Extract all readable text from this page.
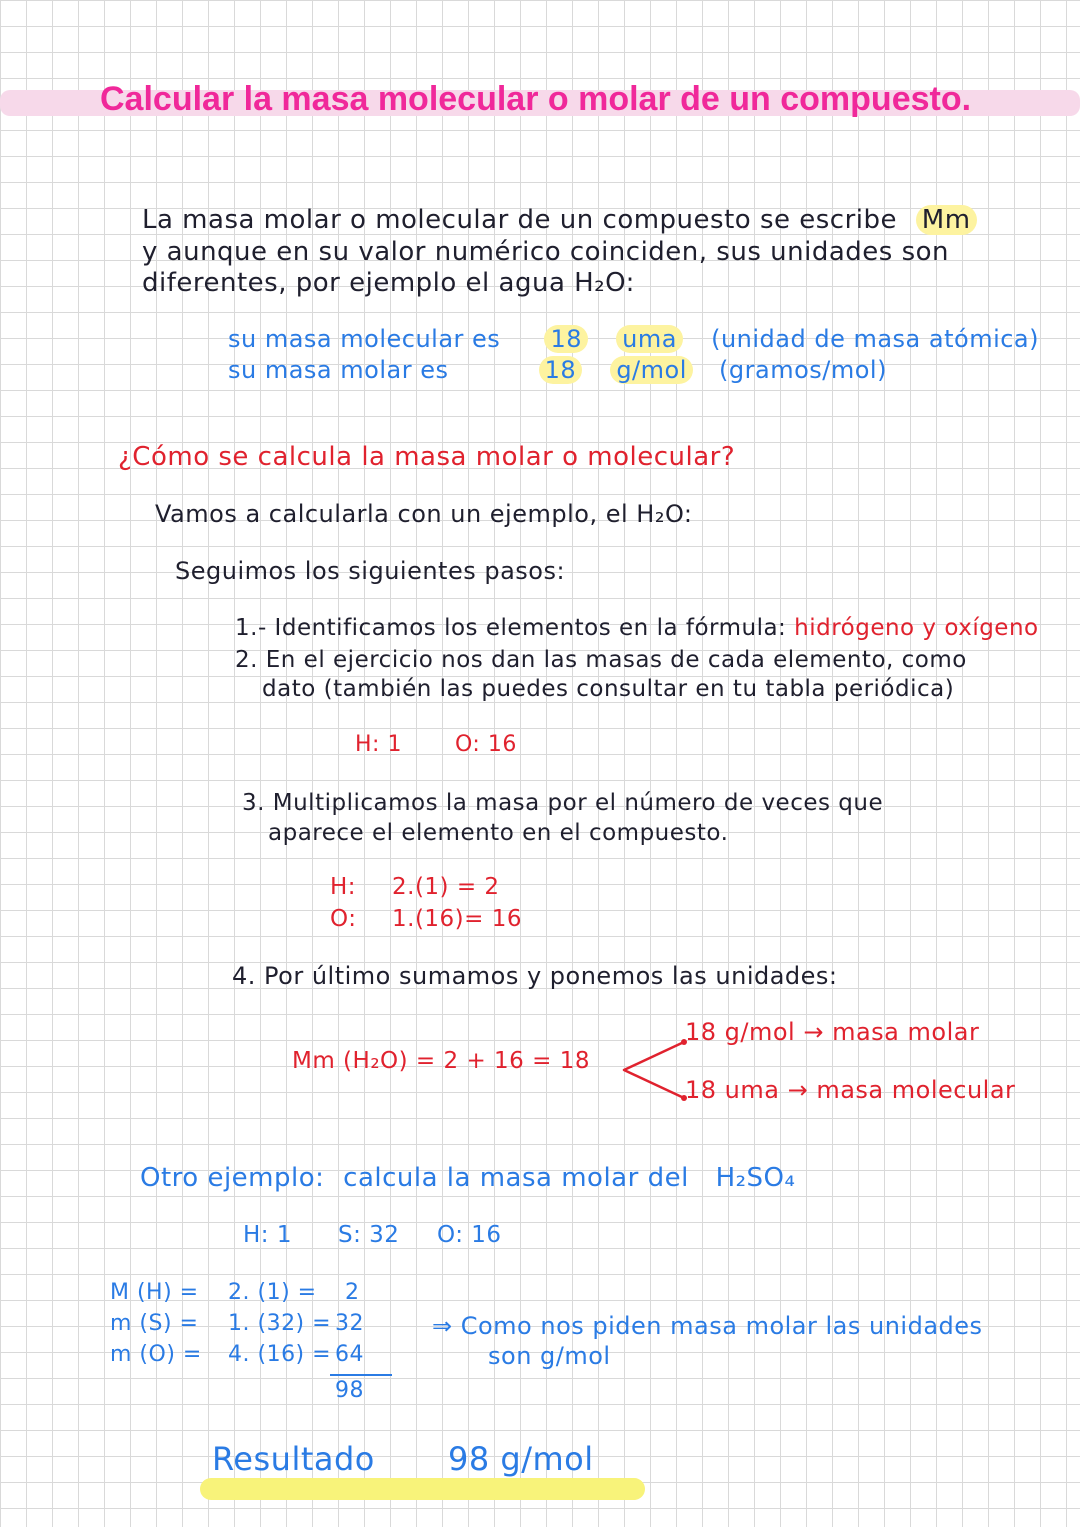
Calcular la masa molecular o molar de un compuesto.
La masa molar o molecular de un compuesto se escribe Mm
y aunque en su valor numérico coinciden, sus unidades son
diferentes, por ejemplo el agua H₂O:
su masa molecular es 18 uma (unidad de masa atómica)
su masa molar es	18 g/mol (gramos/mol)
¿Cómo se calcula la masa molar o molecular?
Vamos a calcularla con un ejemplo, el H₂O:
Seguimos los siguientes pasos:
1.- Identificamos los elementos en la fórmula: hidrógeno y oxígeno
2. En el ejercicio nos dan las masas de cada elemento, como
dato (también las puedes consultar en tu tabla periódica)
H: 1 O: 16
3. Multiplicamos la masa por el número de veces que
aparece el elemento en el compuesto.
H: 2.(1) = 2
O: 1.(16)= 16
4. Por último sumamos y ponemos las unidades:
Mm (H₂O) = 2 + 16 = 18
18 g/mol → masa molar
18 uma → masa molecular
Otro ejemplo: calcula la masa molar del H₂SO₄
H: 1 S: 32 O: 16
M (H) = 2. (1) = 2
m (S) = 1. (32) = 32
m (O) = 4. (16) = 64
98
⇒ Como nos piden masa molar las unidades
son g/mol
Resultado 98 g/mol
